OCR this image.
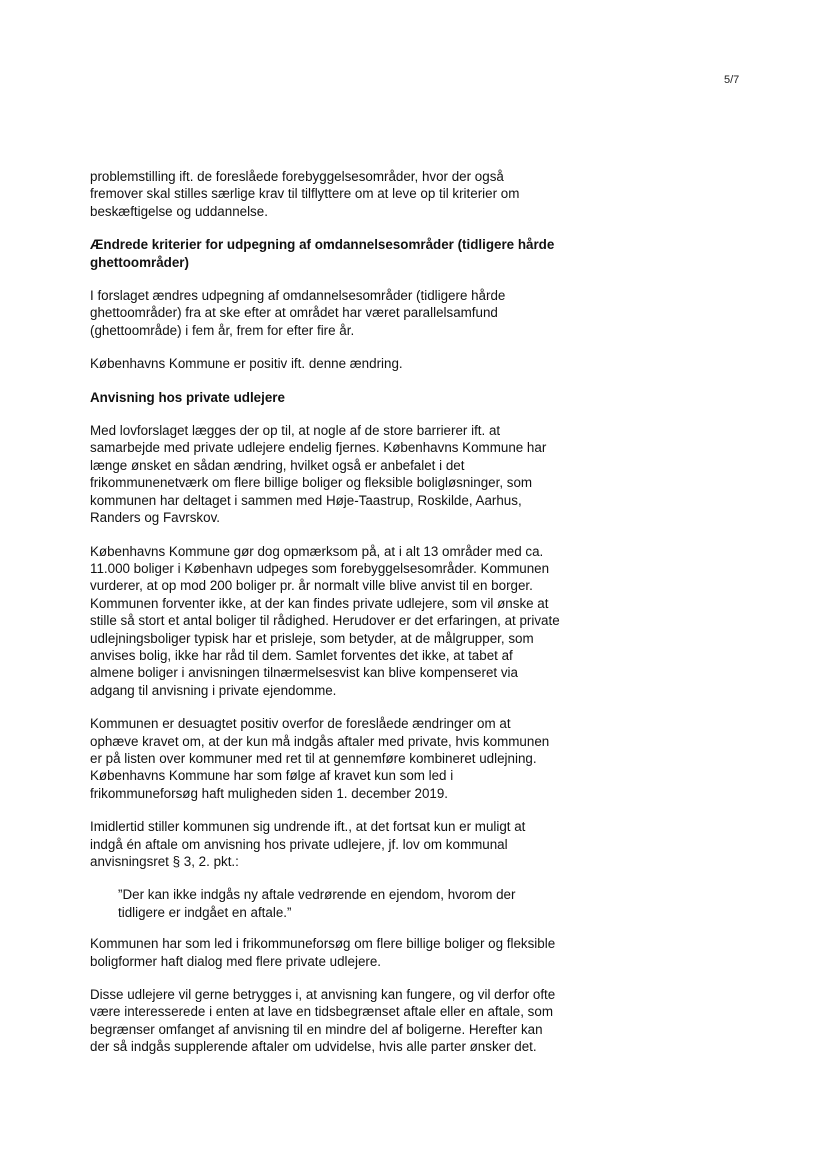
5/7

problemstilling ift. de foreslåede forebyggelsesområder, hvor der også fremover skal stilles særlige krav til tilflyttere om at leve op til kriterier om beskæftigelse og uddannelse.

Ændrede kriterier for udpegning af omdannelsesområder (tidligere hårde ghettoområder)

I forslaget ændres udpegning af omdannelsesområder (tidligere hårde ghettoområder) fra at ske efter at området har været parallelsamfund (ghettoområde) i fem år, frem for efter fire år.

Københavns Kommune er positiv ift. denne ændring.

Anvisning hos private udlejere

Med lovforslaget lægges der op til, at nogle af de store barrierer ift. at samarbejde med private udlejere endelig fjernes. Københavns Kommune har længe ønsket en sådan ændring, hvilket også er anbefalet i det frikommunenetværk om flere billige boliger og fleksible boligløsninger, som kommunen har deltaget i sammen med Høje-Taastrup, Roskilde, Aarhus, Randers og Favrskov.

Københavns Kommune gør dog opmærksom på, at i alt 13 områder med ca. 11.000 boliger i København udpeges som forebyggelsesområder. Kommunen vurderer, at op mod 200 boliger pr. år normalt ville blive anvist til en borger. Kommunen forventer ikke, at der kan findes private udlejere, som vil ønske at stille så stort et antal boliger til rådighed. Herudover er det erfaringen, at private udlejningsboliger typisk har et prisleje, som betyder, at de målgrupper, som anvises bolig, ikke har råd til dem. Samlet forventes det ikke, at tabet af almene boliger i anvisningen tilnærmelsesvist kan blive kompenseret via adgang til anvisning i private ejendomme.

Kommunen er desuagtet positiv overfor de foreslåede ændringer om at ophæve kravet om, at der kun må indgås aftaler med private, hvis kommunen er på listen over kommuner med ret til at gennemføre kombineret udlejning. Københavns Kommune har som følge af kravet kun som led i frikommuneforsøg haft muligheden siden 1. december 2019.

Imidlertid stiller kommunen sig undrende ift., at det fortsat kun er muligt at indgå én aftale om anvisning hos private udlejere, jf. lov om kommunal anvisningsret § 3, 2. pkt.:

”Der kan ikke indgås ny aftale vedrørende en ejendom, hvorom der tidligere er indgået en aftale.”

Kommunen har som led i frikommuneforsøg om flere billige boliger og fleksible boligformer haft dialog med flere private udlejere.

Disse udlejere vil gerne betrygges i, at anvisning kan fungere, og vil derfor ofte være interesserede i enten at lave en tidsbegrænset aftale eller en aftale, som begrænser omfanget af anvisning til en mindre del af boligerne. Herefter kan der så indgås supplerende aftaler om udvidelse, hvis alle parter ønsker det.
